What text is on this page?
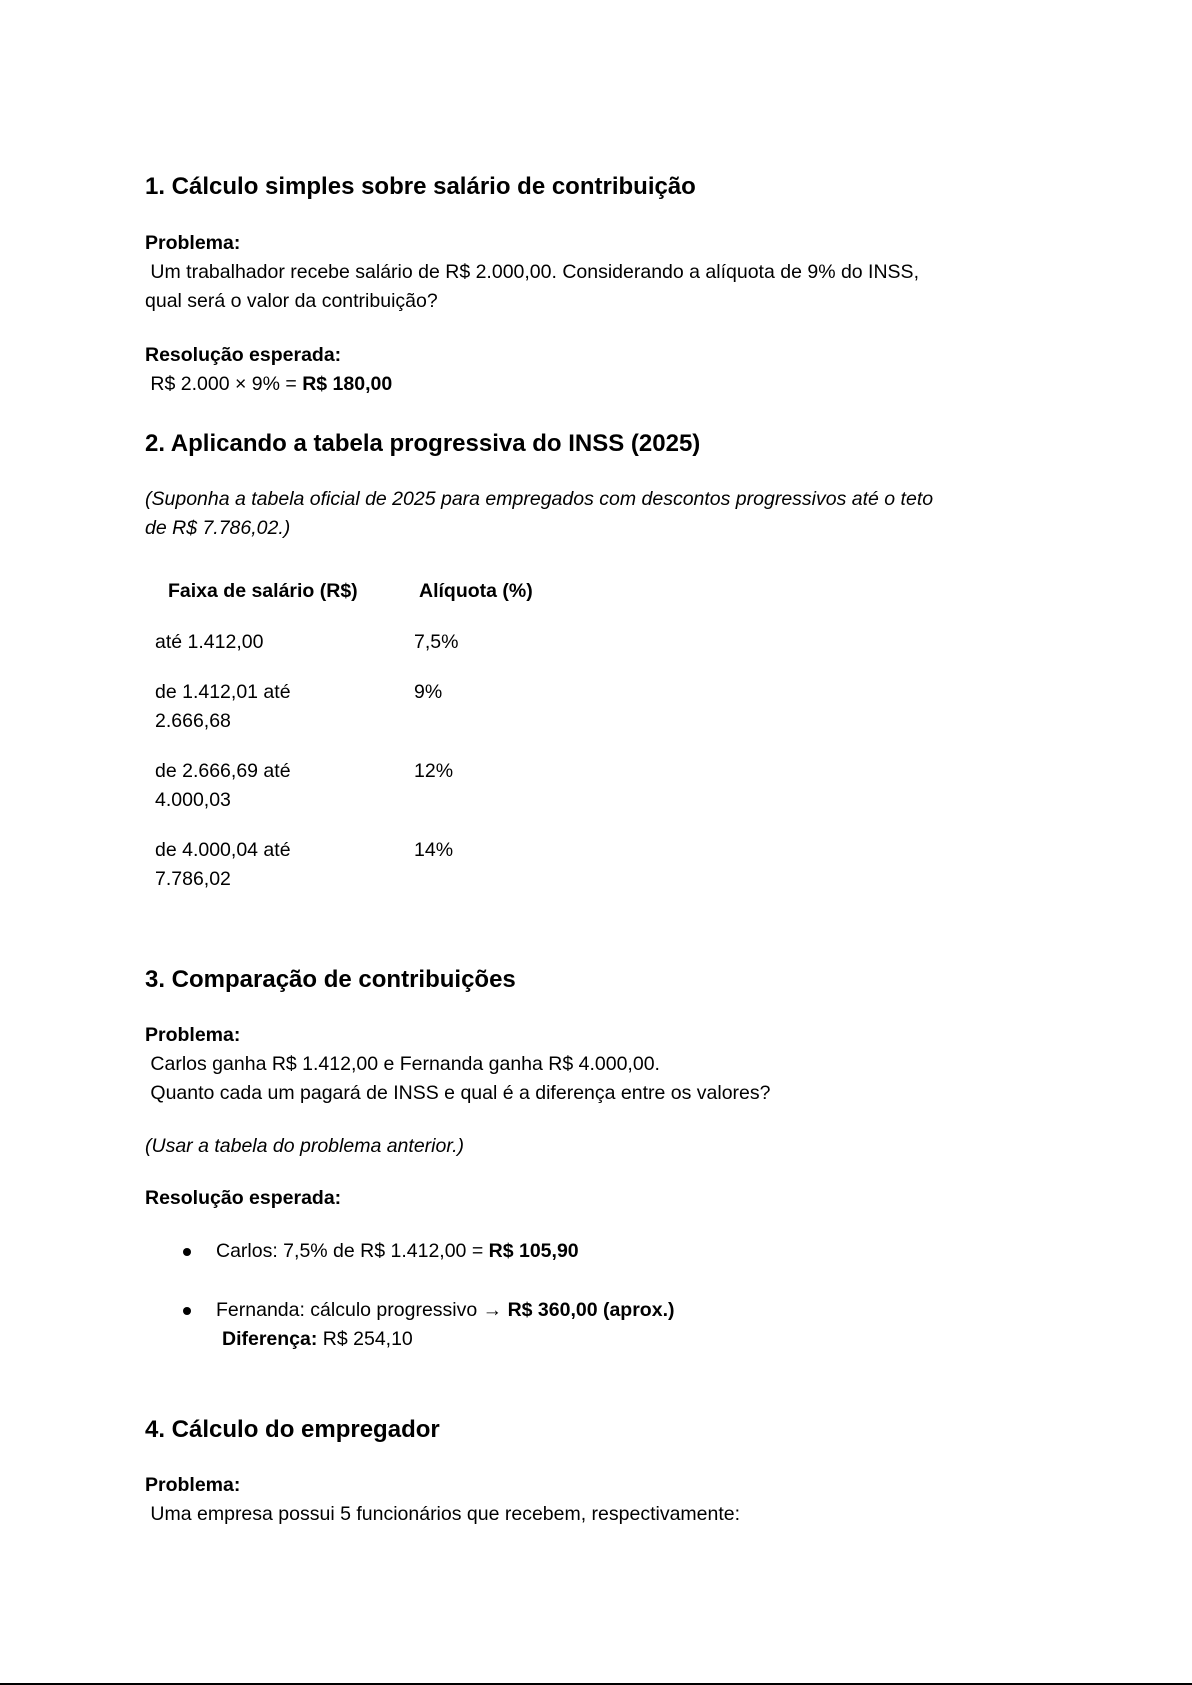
1. Cálculo simples sobre salário de contribuição
Problema:
Um trabalhador recebe salário de R$ 2.000,00. Considerando a alíquota de 9% do INSS,
qual será o valor da contribuição?
Resolução esperada:
R$ 2.000 × 9% = R$ 180,00
2. Aplicando a tabela progressiva do INSS (2025)
(Suponha a tabela oficial de 2025 para empregados com descontos progressivos até o teto
de R$ 7.786,02.)
Faixa de salário (R$)	Alíquota (%)
até 1.412,00	7,5%
de 1.412,01 até
2.666,68
9%
de 2.666,69 até
4.000,03
12%
de 4.000,04 até
7.786,02
14%
3. Comparação de contribuições
Problema:
Carlos ganha R$ 1.412,00 e Fernanda ganha R$ 4.000,00.
Quanto cada um pagará de INSS e qual é a diferença entre os valores?
(Usar a tabela do problema anterior.)
Resolução esperada:
Carlos: 7,5% de R$ 1.412,00 = R$ 105,90
Fernanda: cálculo progressivo → R$ 360,00 (aprox.)
Diferença: R$ 254,10
4. Cálculo do empregador
Problema:
Uma empresa possui 5 funcionários que recebem, respectivamente:
